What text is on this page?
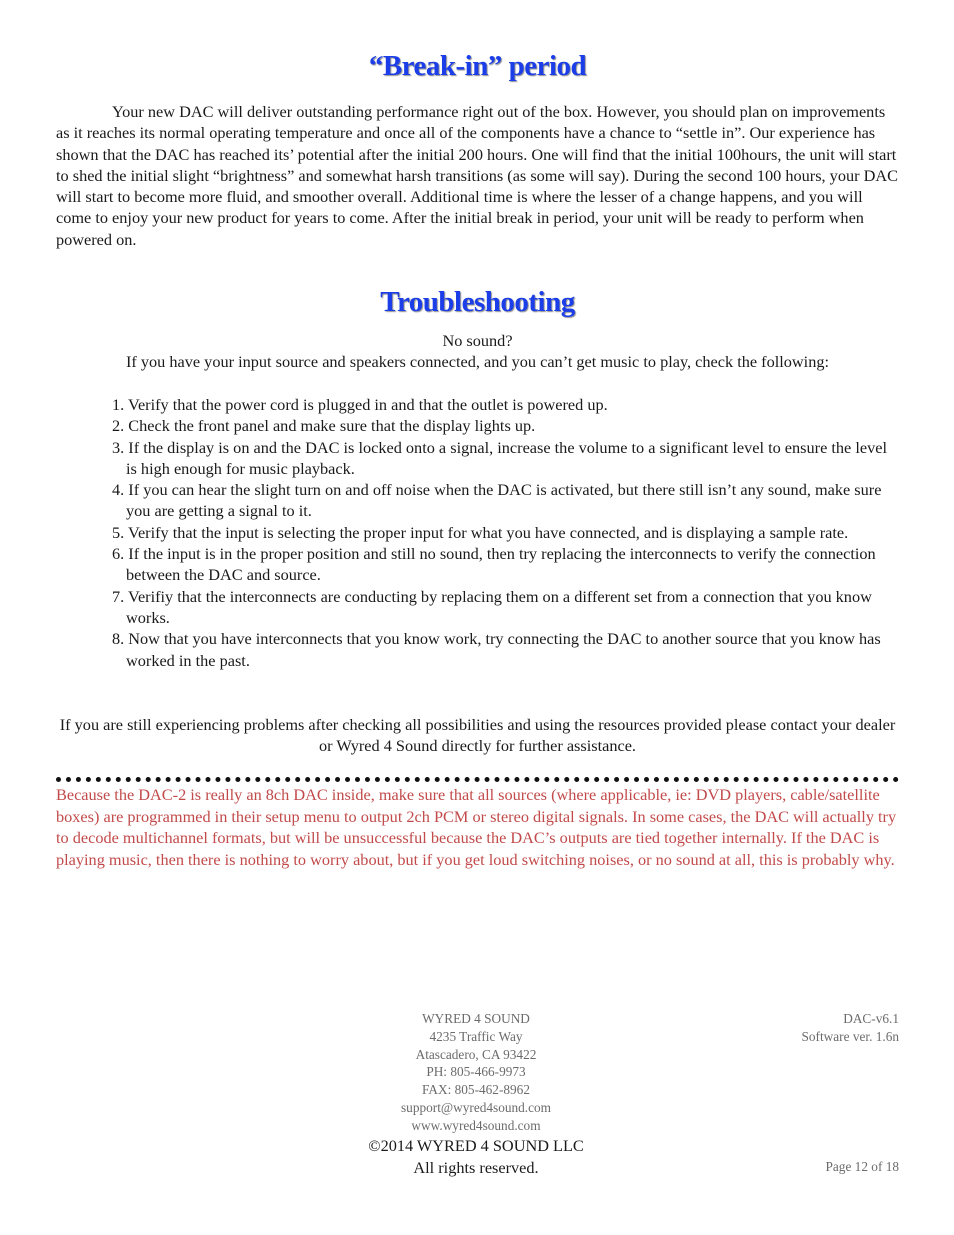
“Break-in” period

Your new DAC will deliver outstanding performance right out of the box. However, you should plan on improvements as it reaches its normal operating temperature and once all of the components have a chance to “settle in”. Our experience has shown that the DAC has reached its’ potential after the initial 200 hours. One will find that the initial 100hours, the unit will start to shed the initial slight “brightness” and somewhat harsh transitions (as some will say). During the second 100 hours, your DAC will start to become more fluid, and smoother overall. Additional time is where the lesser of a change happens, and you will come to enjoy your new product for years to come. After the initial break in period, your unit will be ready to perform when powered on.

Troubleshooting

No sound?

If you have your input source and speakers connected, and you can’t get music to play, check the following:

1. Verify that the power cord is plugged in and that the outlet is powered up.
2. Check the front panel and make sure that the display lights up.
3. If the display is on and the DAC is locked onto a signal, increase the volume to a significant level to ensure the level is high enough for music playback.
4. If you can hear the slight turn on and off noise when the DAC is activated, but there still isn’t any sound, make sure you are getting a signal to it.
5. Verify that the input is selecting the proper input for what you have connected, and is displaying a sample rate.
6. If the input is in the proper position and still no sound, then try replacing the interconnects to verify the connection between the DAC and source.
7. Verifiy that the interconnects are conducting by replacing them on a different set from a connection that you know works.
8. Now that you have interconnects that you know work, try connecting the DAC to another source that you know has worked in the past.

If you are still experiencing problems after checking all possibilities and using the resources provided please contact your dealer or Wyred 4 Sound directly for further assistance.

Because the DAC-2 is really an 8ch DAC inside, make sure that all sources (where applicable, ie: DVD players, cable/satellite boxes) are programmed in their setup menu to output 2ch PCM or stereo digital signals. In some cases, the DAC will actually try to decode multichannel formats, but will be unsuccessful because the DAC’s outputs are tied together internally. If the DAC is playing music, then there is nothing to worry about, but if you get loud switching noises, or no sound at all, this is probably why.

WYRED 4 SOUND
4235 Traffic Way
Atascadero, CA 93422
PH: 805-466-9973
FAX: 805-462-8962
support@wyred4sound.com
www.wyred4sound.com
DAC-v6.1
Software ver. 1.6n
©2014 WYRED 4 SOUND LLC
All rights reserved.	Page 12 of 18
